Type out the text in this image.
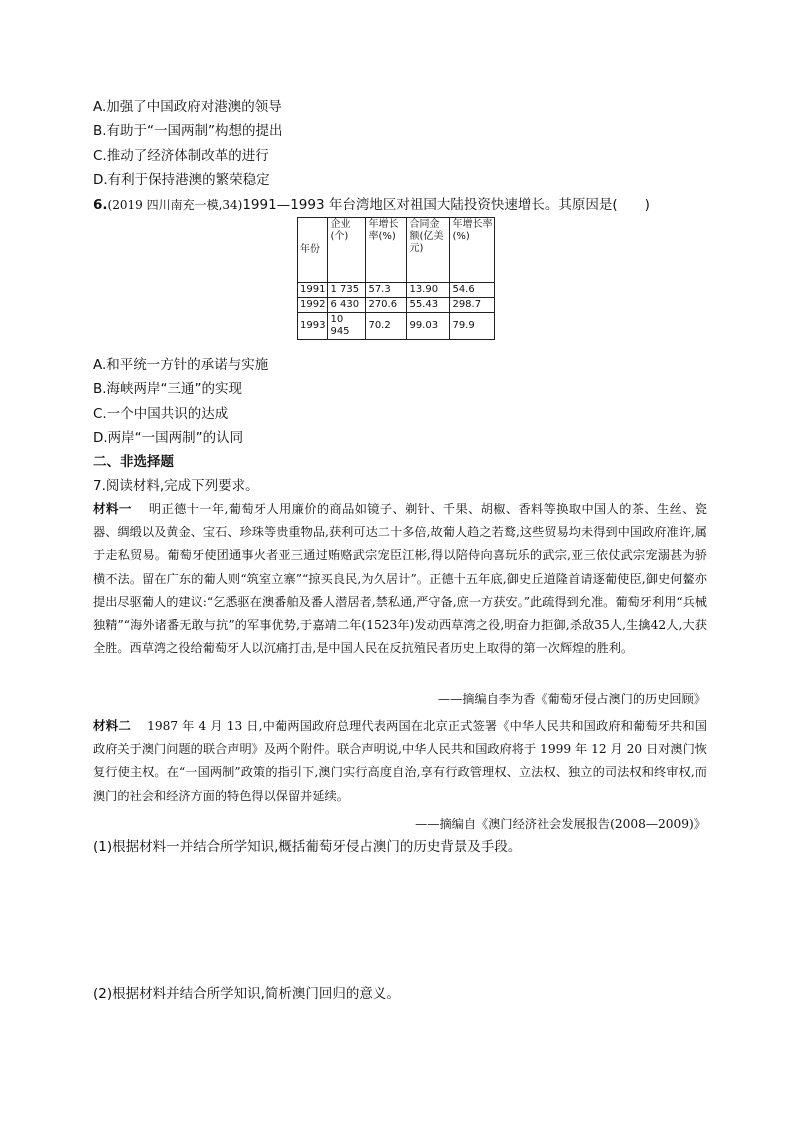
A.加强了中国政府对港澳的领导
B.有助于“一国两制”构想的提出
C.推动了经济体制改革的进行
D.有利于保持港澳的繁荣稳定
6.(2019 四川南充一模,34)1991—1993 年台湾地区对祖国大陆投资快速增长。其原因是(　　)
年份	企业(个)	年增长率(%)	合同金额(亿美元)	年增长率(%)
1991	1 735	57.3	13.90	54.6
1992	6 430	270.6	55.43	298.7
1993	10 945	70.2	99.03	79.9
A.和平统一方针的承诺与实施
B.海峡两岸“三通”的实现
C.一个中国共识的达成
D.两岸“一国两制”的认同
二、非选择题
7.阅读材料,完成下列要求。

材料一 明正德十一年,葡萄牙人用廉价的商品如镜子、剃针、千果、胡椒、香料等换取中国人的茶、生丝、瓷器、绸缎以及黄金、宝石、珍珠等贵重物品,获利可达二十多倍,故葡人趋之若鹜,这些贸易均未得到中国政府准许,属于走私贸易。葡萄牙使团通事火者亚三通过贿赂武宗宠臣江彬,得以陪侍向喜玩乐的武宗,亚三依仗武宗宠溺甚为骄横不法。留在广东的葡人则“筑室立寨”“掠买良民,为久居计”。正德十五年底,御史丘道隆首请逐葡使臣,御史何鳌亦提出尽驱葡人的建议:“乞悉驱在澳番舶及番人潜居者,禁私通,严守备,庶一方获安。”此疏得到允准。葡萄牙利用“兵械独精”“海外诸番无敢与抗”的军事优势,于嘉靖二年(1523年)发动西草湾之役,明奋力拒御,杀敌35人,生擒42人,大获全胜。西草湾之役给葡萄牙人以沉痛打击,是中国人民在反抗殖民者历史上取得的第一次辉煌的胜利。

——摘编自李为香《葡萄牙侵占澳门的历史回顾》

材料二 1987 年 4 月 13 日,中葡两国政府总理代表两国在北京正式签署《中华人民共和国政府和葡萄牙共和国政府关于澳门问题的联合声明》及两个附件。联合声明说,中华人民共和国政府将于 1999 年 12 月 20 日对澳门恢复行使主权。在“一国两制”政策的指引下,澳门实行高度自治,享有行政管理权、立法权、独立的司法权和终审权,而澳门的社会和经济方面的特色得以保留并延续。

——摘编自《澳门经济社会发展报告(2008—2009)》
(1)根据材料一并结合所学知识,概括葡萄牙侵占澳门的历史背景及手段。
(2)根据材料并结合所学知识,简析澳门回归的意义。
